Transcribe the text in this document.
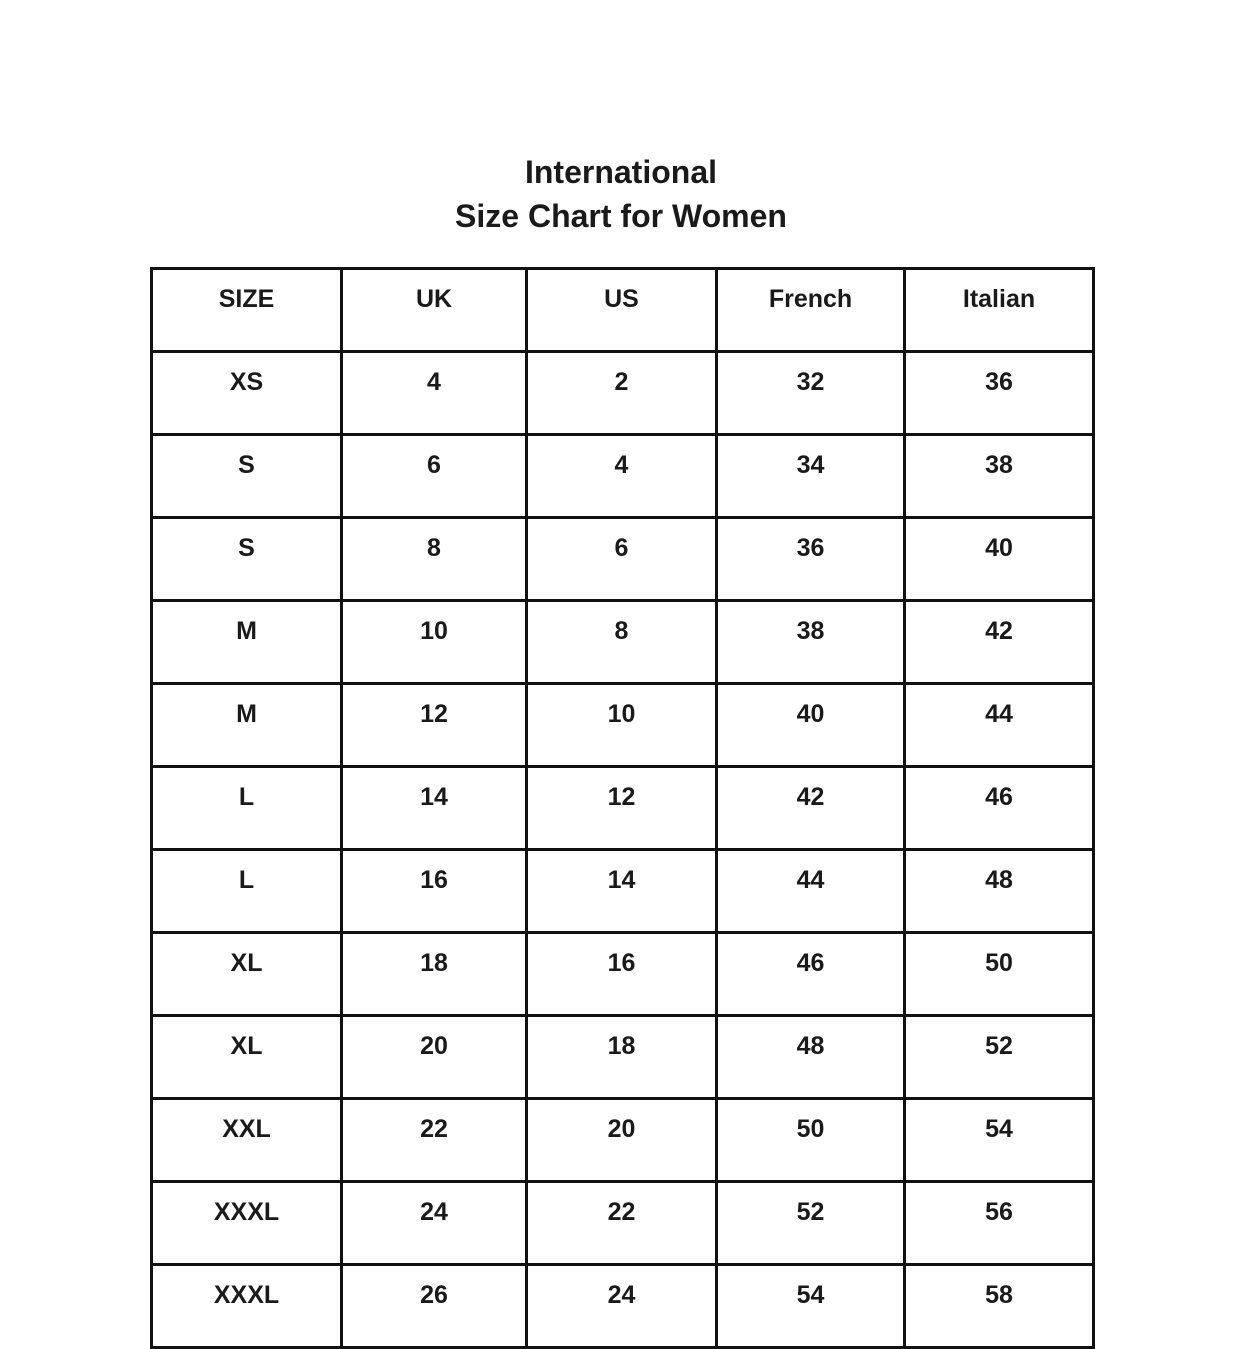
International
Size Chart for Women
SIZE	UK	US	French	Italian
XS	4	2	32	36
S	6	4	34	38
S	8	6	36	40
M	10	8	38	42
M	12	10	40	44
L	14	12	42	46
L	16	14	44	48
XL	18	16	46	50
XL	20	18	48	52
XXL	22	20	50	54
XXXL	24	22	52	56
XXXL	26	24	54	58
